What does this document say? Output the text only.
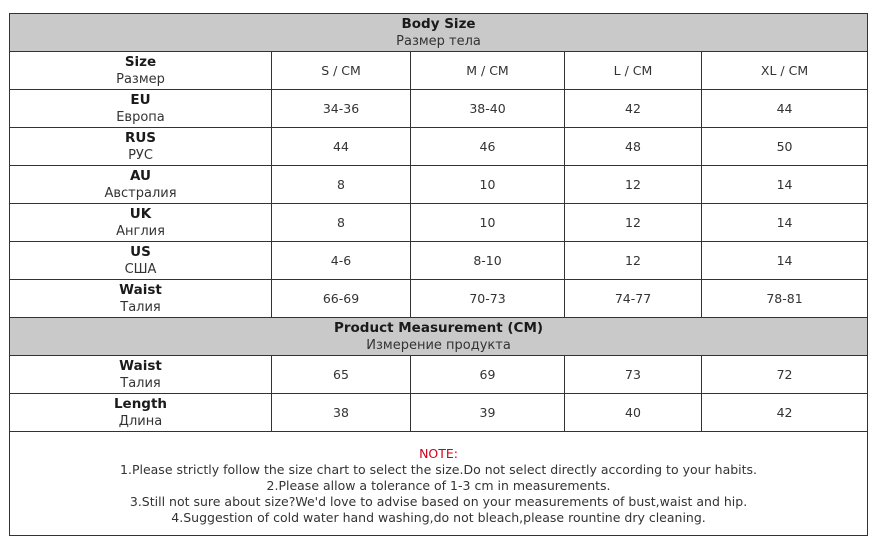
Body Size
Размер тела				

Size
Размер	S / CM	M / CM	L / CM	XL / CM

EU
Европа	34-36	38-40	42	44

RUS
РУС	44	46	48	50

AU
Австралия	8	10	12	14

UK
Англия	8	10	12	14

US
США	4-6	8-10	12	14

Waist
Талия	66-69	70-73	74-77	78-81

Product Measurement (CM)
Измерение продукта				

Waist
Талия	65	69	73	72

Length
Длина	38	39	40	42

NOTE:
1.Please strictly follow the size chart to select the size.Do not select directly according to your habits.
2.Please allow a tolerance of 1-3 cm in measurements.
3.Still not sure about size?We'd love to advise based on your measurements of bust,waist and hip.
4.Suggestion of cold water hand washing,do not bleach,please rountine dry cleaning.				
